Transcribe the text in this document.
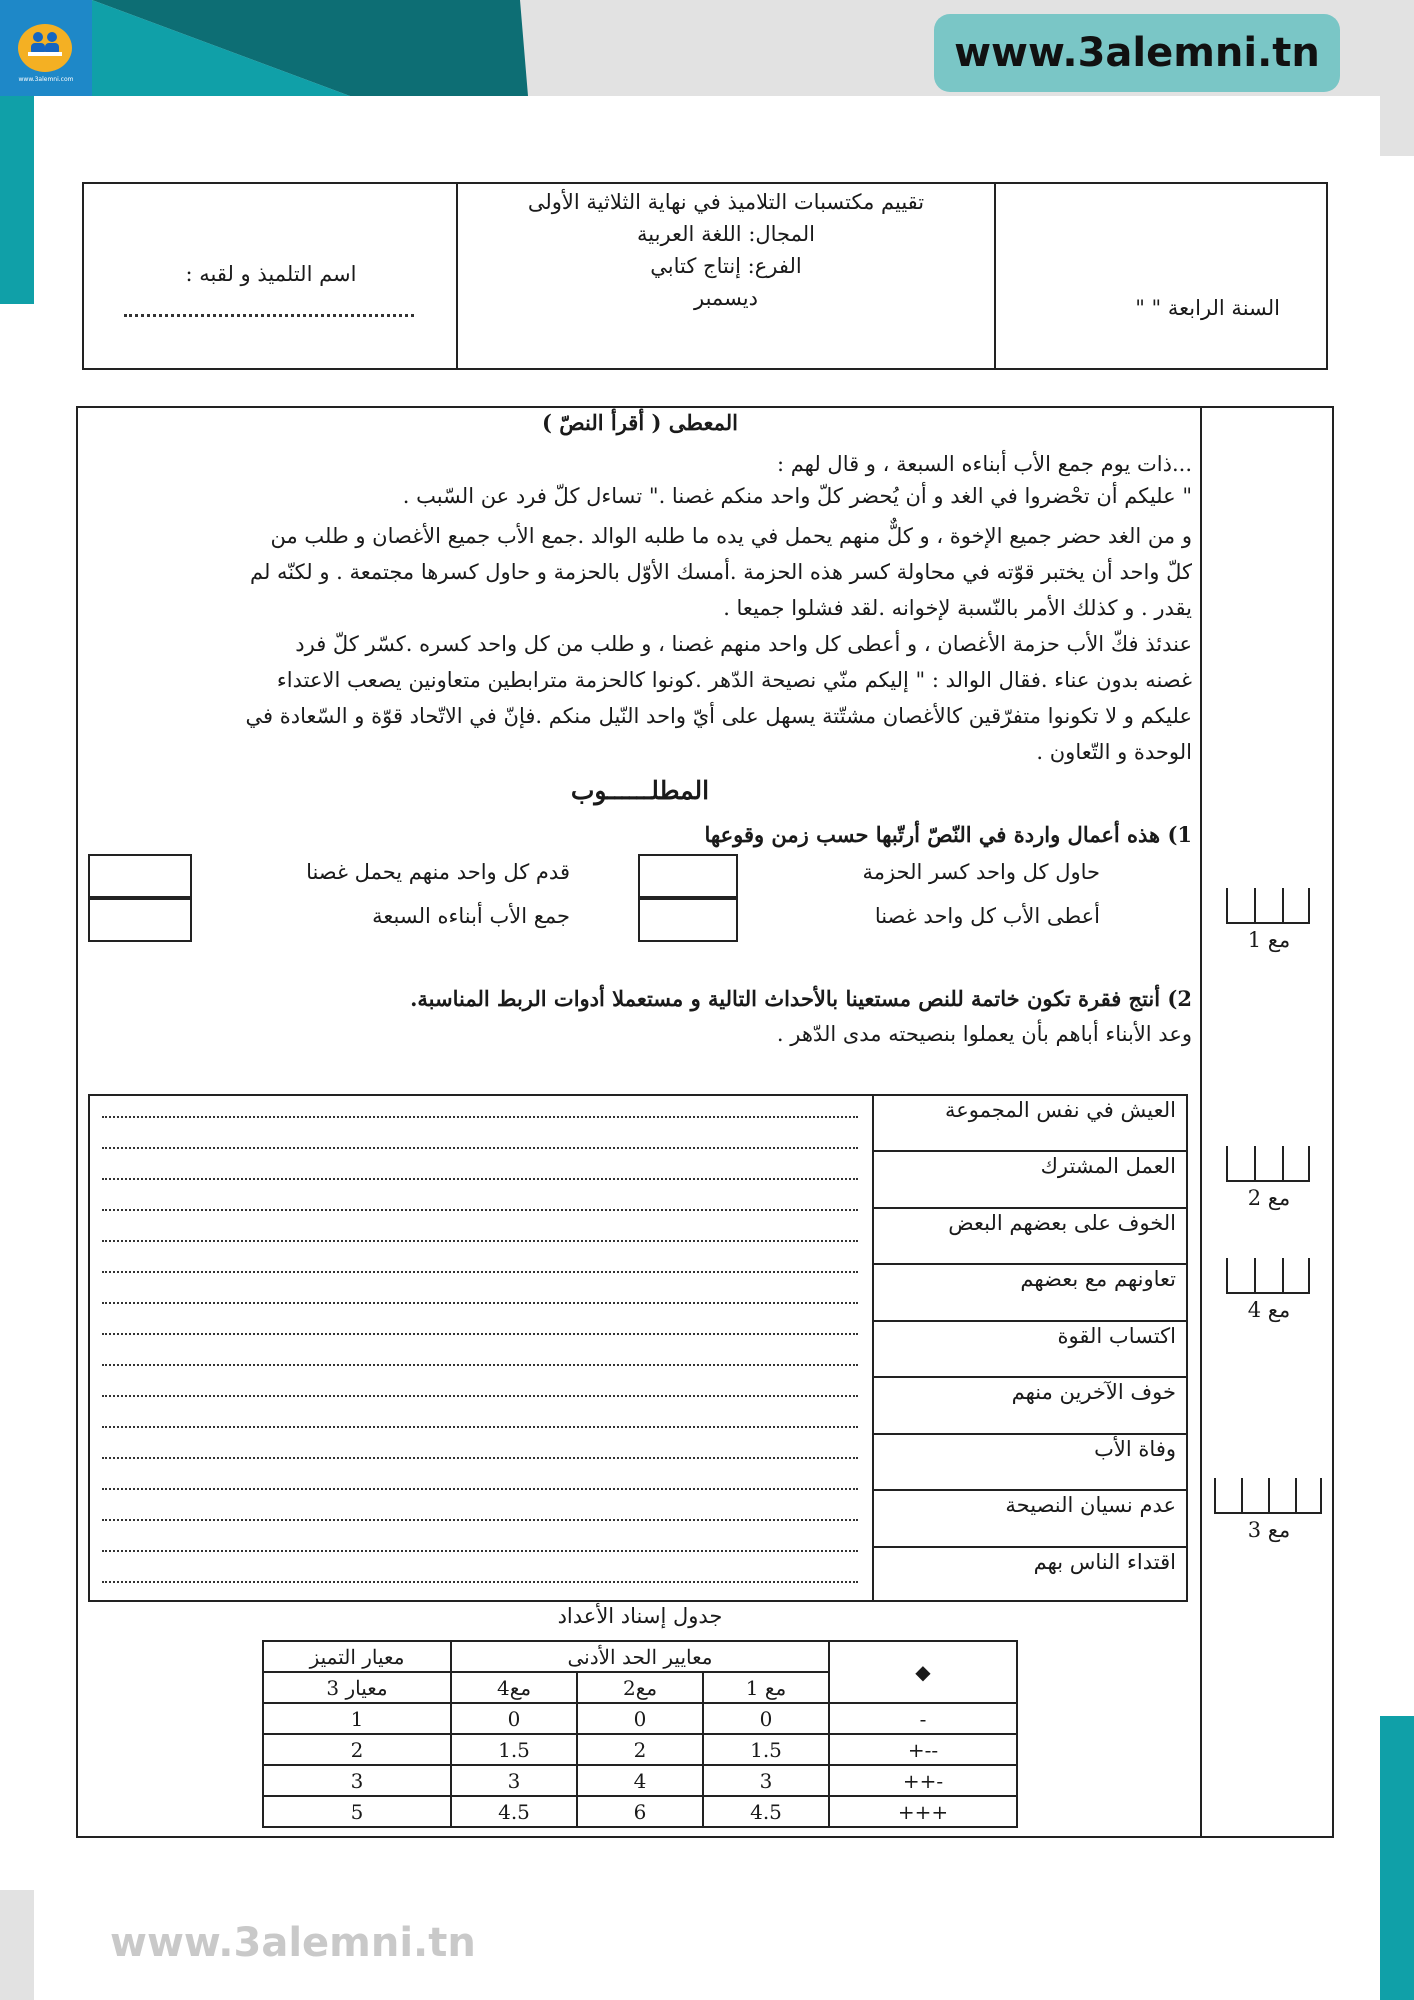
www.3alemni.com
www.3alemni.tn
تقييم مكتسبات التلاميذ في نهاية الثلاثية الأولى
المجال: اللغة العربية
الفرع: إنتاج كتابي
ديسمبر
اسم التلميذ و لقبه :
السنة الرابعة " "
المعطى ( أقرأ النصّ )
...ذات يوم جمع الأب أبناءه السبعة ، و قال لهم :
" عليكم أن تحْضروا في الغد و أن يُحضر كلّ واحد منكم غصنا ." تساءل كلّ فرد عن السّبب .
و من الغد حضر جميع الإخوة ، و كلٌّ منهم يحمل في يده ما طلبه الوالد .جمع الأب جميع الأغصان و طلب من
كلّ واحد أن يختبر قوّته في محاولة كسر هذه الحزمة .أمسك الأوّل بالحزمة و حاول كسرها مجتمعة . و لكنّه لم
يقدر . و كذلك الأمر بالنّسبة لإخوانه .لقد فشلوا جميعا .
عندئذ فكّ الأب حزمة الأغصان ، و أعطى كل واحد منهم غصنا ، و طلب من كل واحد كسره .كسّر كلّ فرد
غصنه بدون عناء .فقال الوالد : " إليكم منّي نصيحة الدّهر .كونوا كالحزمة مترابطين متعاونين يصعب الاعتداء
عليكم و لا تكونوا متفرّقين كالأغصان مشتّتة يسهل على أيّ واحد النّيل منكم .فإنّ في الاتّحاد قوّة و السّعادة في
الوحدة و التّعاون .
المطلــــــوب
1) هذه أعمال واردة في النّصّ أرتّبها حسب زمن وقوعها
حاول كل واحد كسر الحزمة
قدم كل واحد منهم يحمل غصنا
أعطى الأب كل واحد غصنا
جمع الأب أبناءه السبعة
2) أنتج فقرة تكون خاتمة للنص مستعينا بالأحداث التالية و مستعملا أدوات الربط المناسبة.
وعد الأبناء أباهم بأن يعملوا بنصيحته مدى الدّهر .
العيش في نفس المجموعة
العمل المشترك
الخوف على بعضهم البعض
تعاونهم مع بعضهم
اكتساب القوة
خوف الآخرين منهم
وفاة الأب
عدم نسيان النصيحة
اقتداء الناس بهم
مع 1
مع 2
مع 4
مع 3
جدول إسناد الأعداد
معيار التميز	معايير الحد الأدنى			◆
معيار 3	مع4	مع2	مع 1	
1	0	0	0	-
2	1.5	2	1.5	+--
3	3	4	3	++-
5	4.5	6	4.5	+++
www.3alemni.tn
